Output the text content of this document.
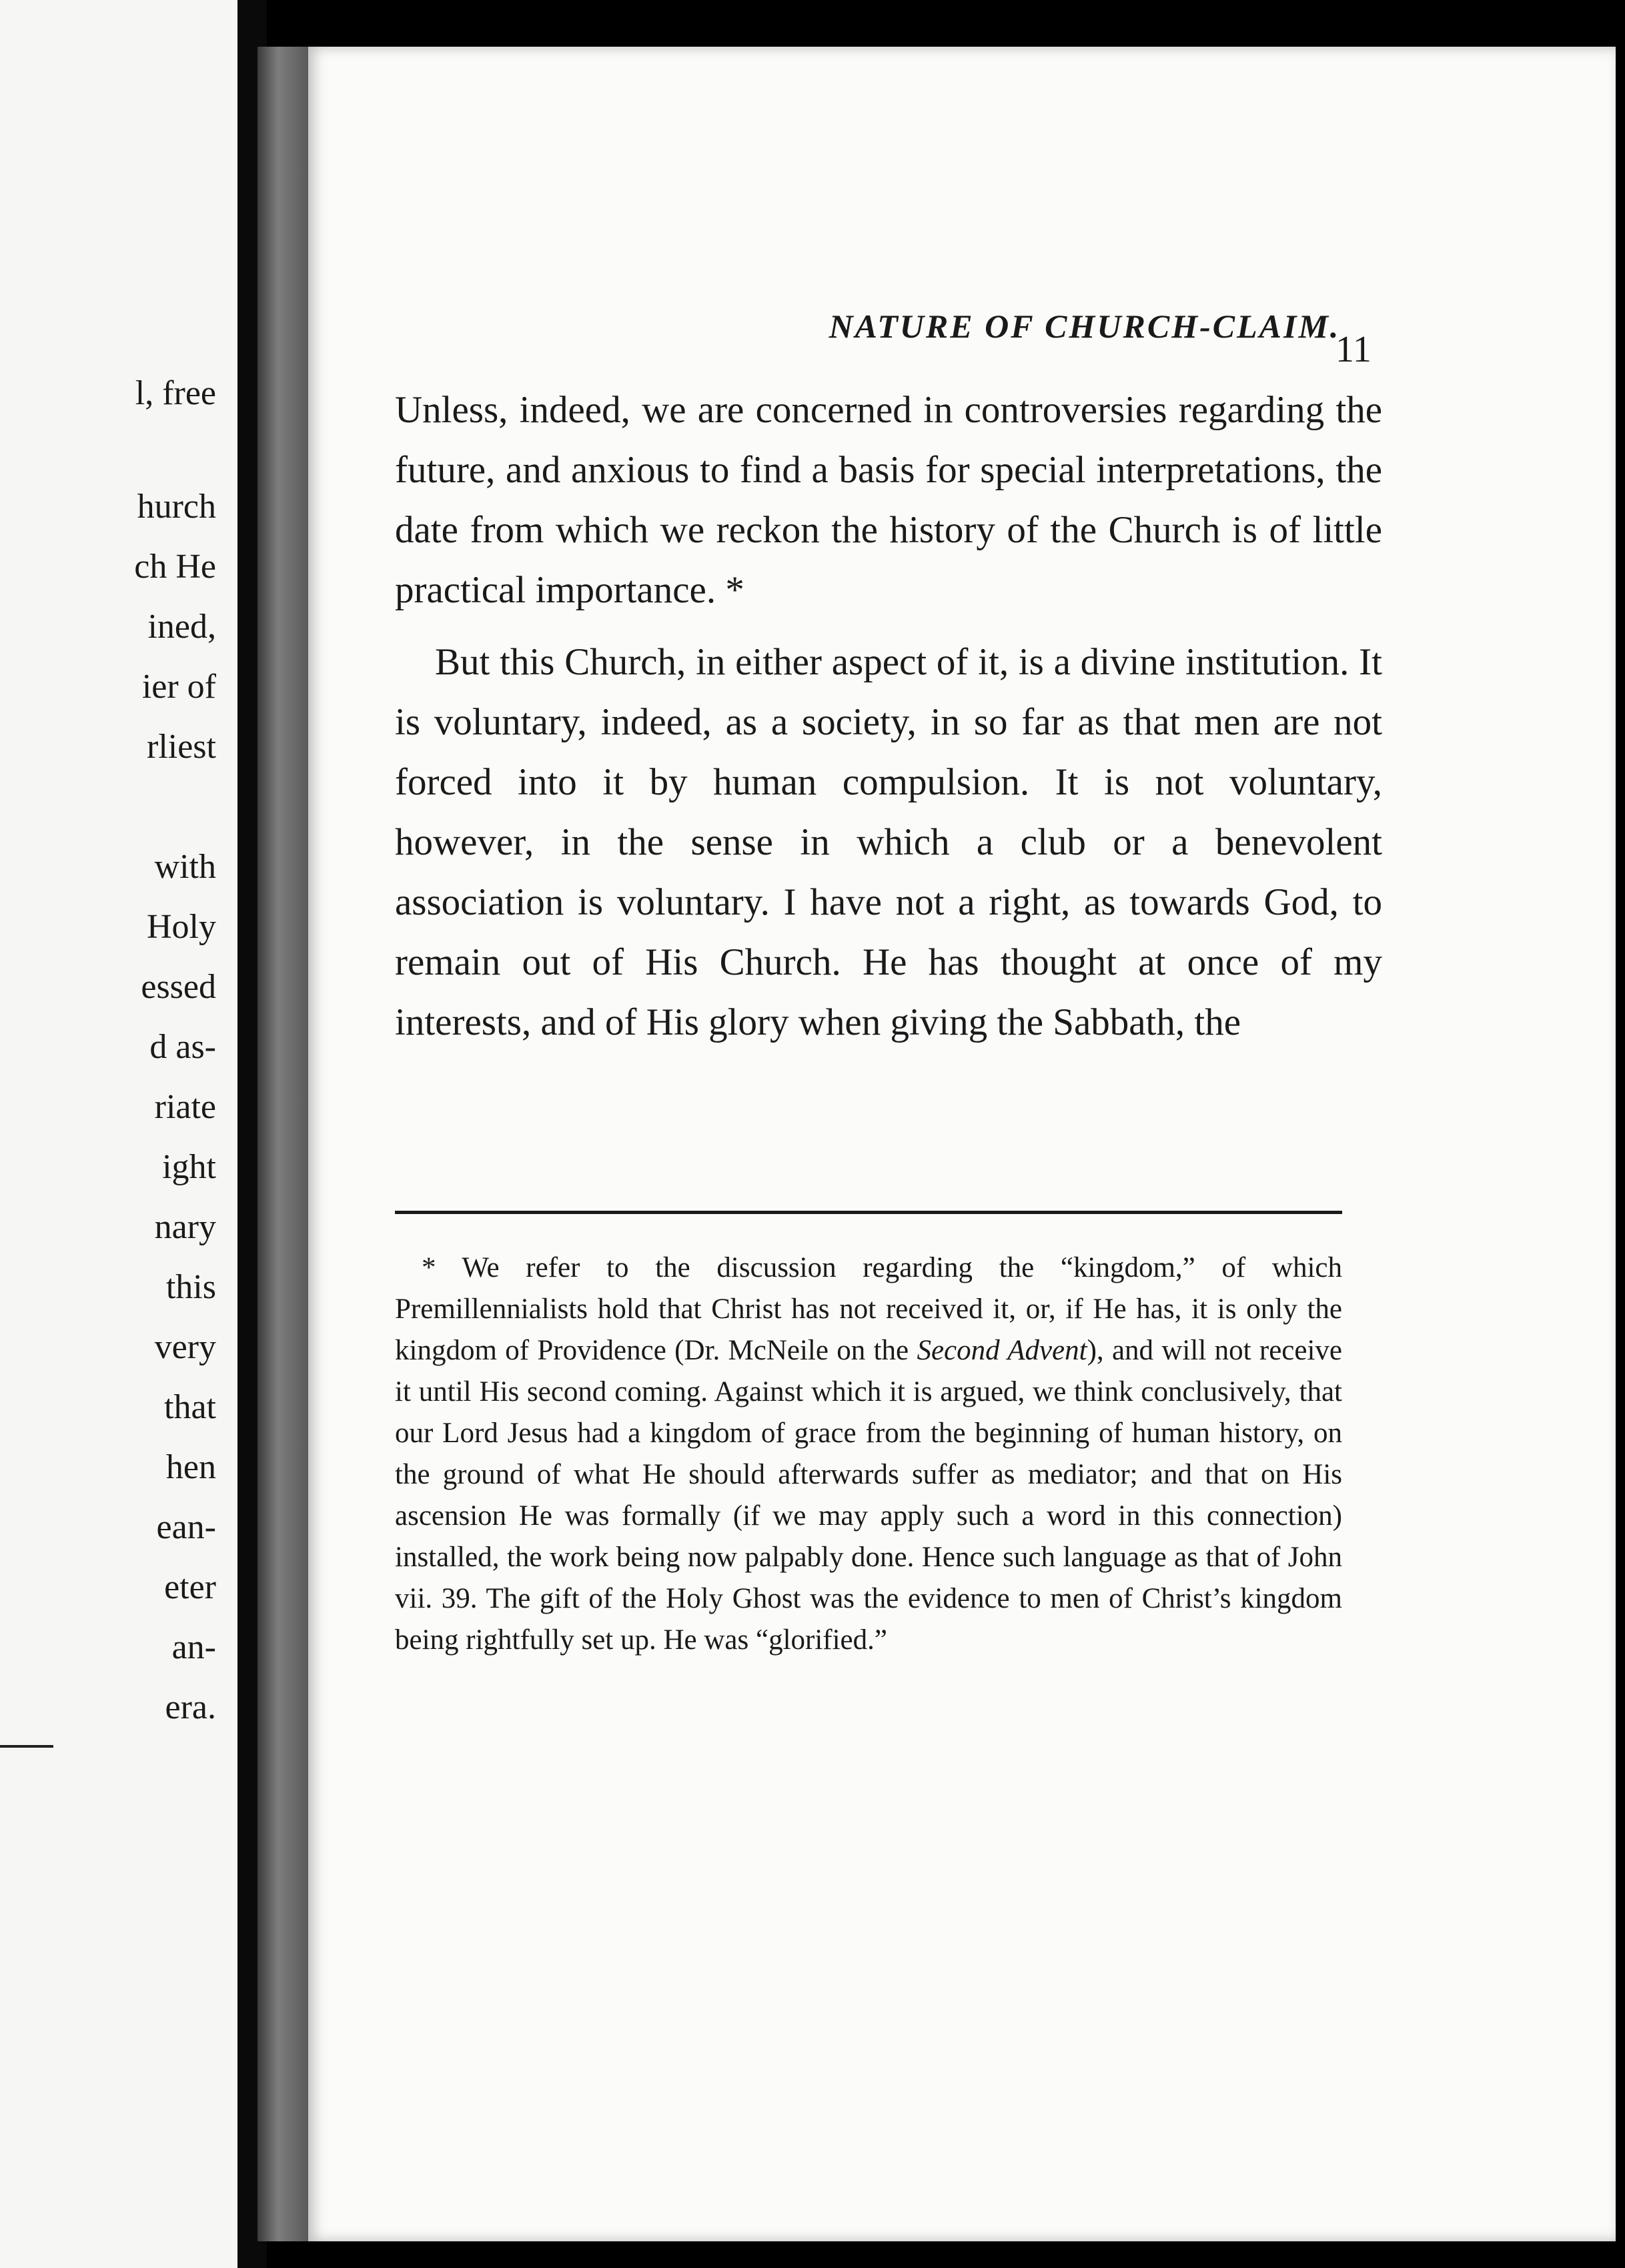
l, free
hurch
ch He
ined,
ier of
rliest
with
Holy
essed
d as-
riate
ight
nary
this
very
that
hen
ean-
eter
an-
era.
NATURE OF CHURCH-CLAIM.
11

Unless, indeed, we are concerned in controversies regarding the future, and anxious to find a basis for special interpretations, the date from which we reckon the history of the Church is of little practical importance. *

But this Church, in either aspect of it, is a divine institution. It is voluntary, indeed, as a society, in so far as that men are not forced into it by human compulsion. It is not voluntary, however, in the sense in which a club or a benevolent association is voluntary. I have not a right, as towards God, to remain out of His Church. He has thought at once of my interests, and of His glory when giving the Sabbath, the

* We refer to the discussion regarding the “kingdom,” of which Premillennialists hold that Christ has not received it, or, if He has, it is only the kingdom of Providence (Dr. McNeile on the Second Advent), and will not receive it until His second coming. Against which it is argued, we think conclusively, that our Lord Jesus had a kingdom of grace from the beginning of human history, on the ground of what He should afterwards suffer as mediator; and that on His ascension He was formally (if we may apply such a word in this connection) installed, the work being now palpably done. Hence such language as that of John vii. 39. The gift of the Holy Ghost was the evidence to men of Christ’s kingdom being rightfully set up. He was “glorified.”
